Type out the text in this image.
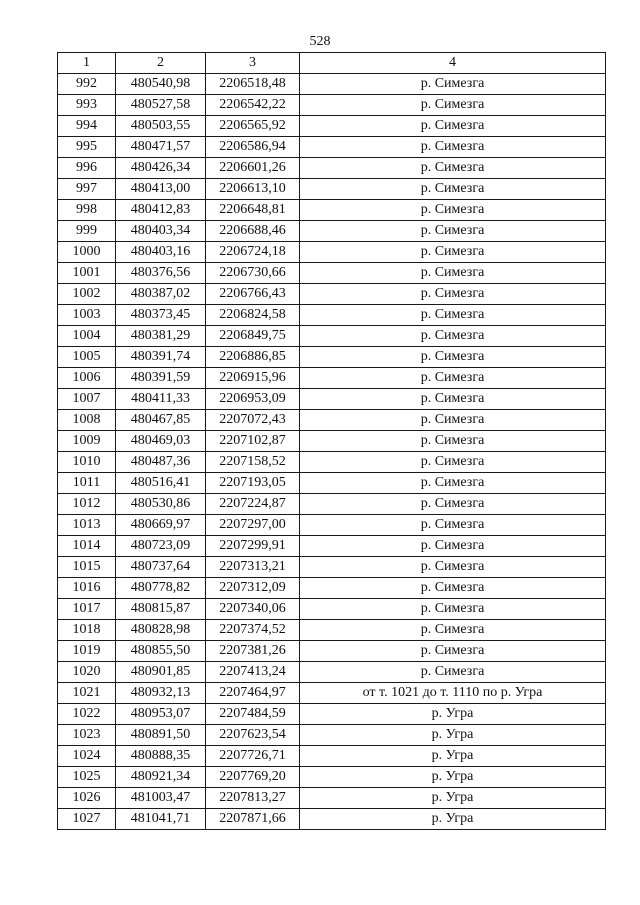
528
1	2	3	4
992	480540,98	2206518,48	р. Симезга
993	480527,58	2206542,22	р. Симезга
994	480503,55	2206565,92	р. Симезга
995	480471,57	2206586,94	р. Симезга
996	480426,34	2206601,26	р. Симезга
997	480413,00	2206613,10	р. Симезга
998	480412,83	2206648,81	р. Симезга
999	480403,34	2206688,46	р. Симезга
1000	480403,16	2206724,18	р. Симезга
1001	480376,56	2206730,66	р. Симезга
1002	480387,02	2206766,43	р. Симезга
1003	480373,45	2206824,58	р. Симезга
1004	480381,29	2206849,75	р. Симезга
1005	480391,74	2206886,85	р. Симезга
1006	480391,59	2206915,96	р. Симезга
1007	480411,33	2206953,09	р. Симезга
1008	480467,85	2207072,43	р. Симезга
1009	480469,03	2207102,87	р. Симезга
1010	480487,36	2207158,52	р. Симезга
1011	480516,41	2207193,05	р. Симезга
1012	480530,86	2207224,87	р. Симезга
1013	480669,97	2207297,00	р. Симезга
1014	480723,09	2207299,91	р. Симезга
1015	480737,64	2207313,21	р. Симезга
1016	480778,82	2207312,09	р. Симезга
1017	480815,87	2207340,06	р. Симезга
1018	480828,98	2207374,52	р. Симезга
1019	480855,50	2207381,26	р. Симезга
1020	480901,85	2207413,24	р. Симезга
1021	480932,13	2207464,97	от т. 1021 до т. 1110 по р. Угра
1022	480953,07	2207484,59	р. Угра
1023	480891,50	2207623,54	р. Угра
1024	480888,35	2207726,71	р. Угра
1025	480921,34	2207769,20	р. Угра
1026	481003,47	2207813,27	р. Угра
1027	481041,71	2207871,66	р. Угра
